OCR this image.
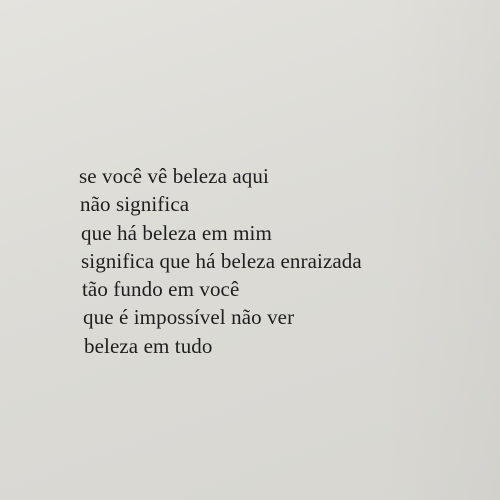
se você vê beleza aqui
não significa
que há beleza em mim
significa que há beleza enraizada
tão fundo em você
que é impossível não ver
beleza em tudo
